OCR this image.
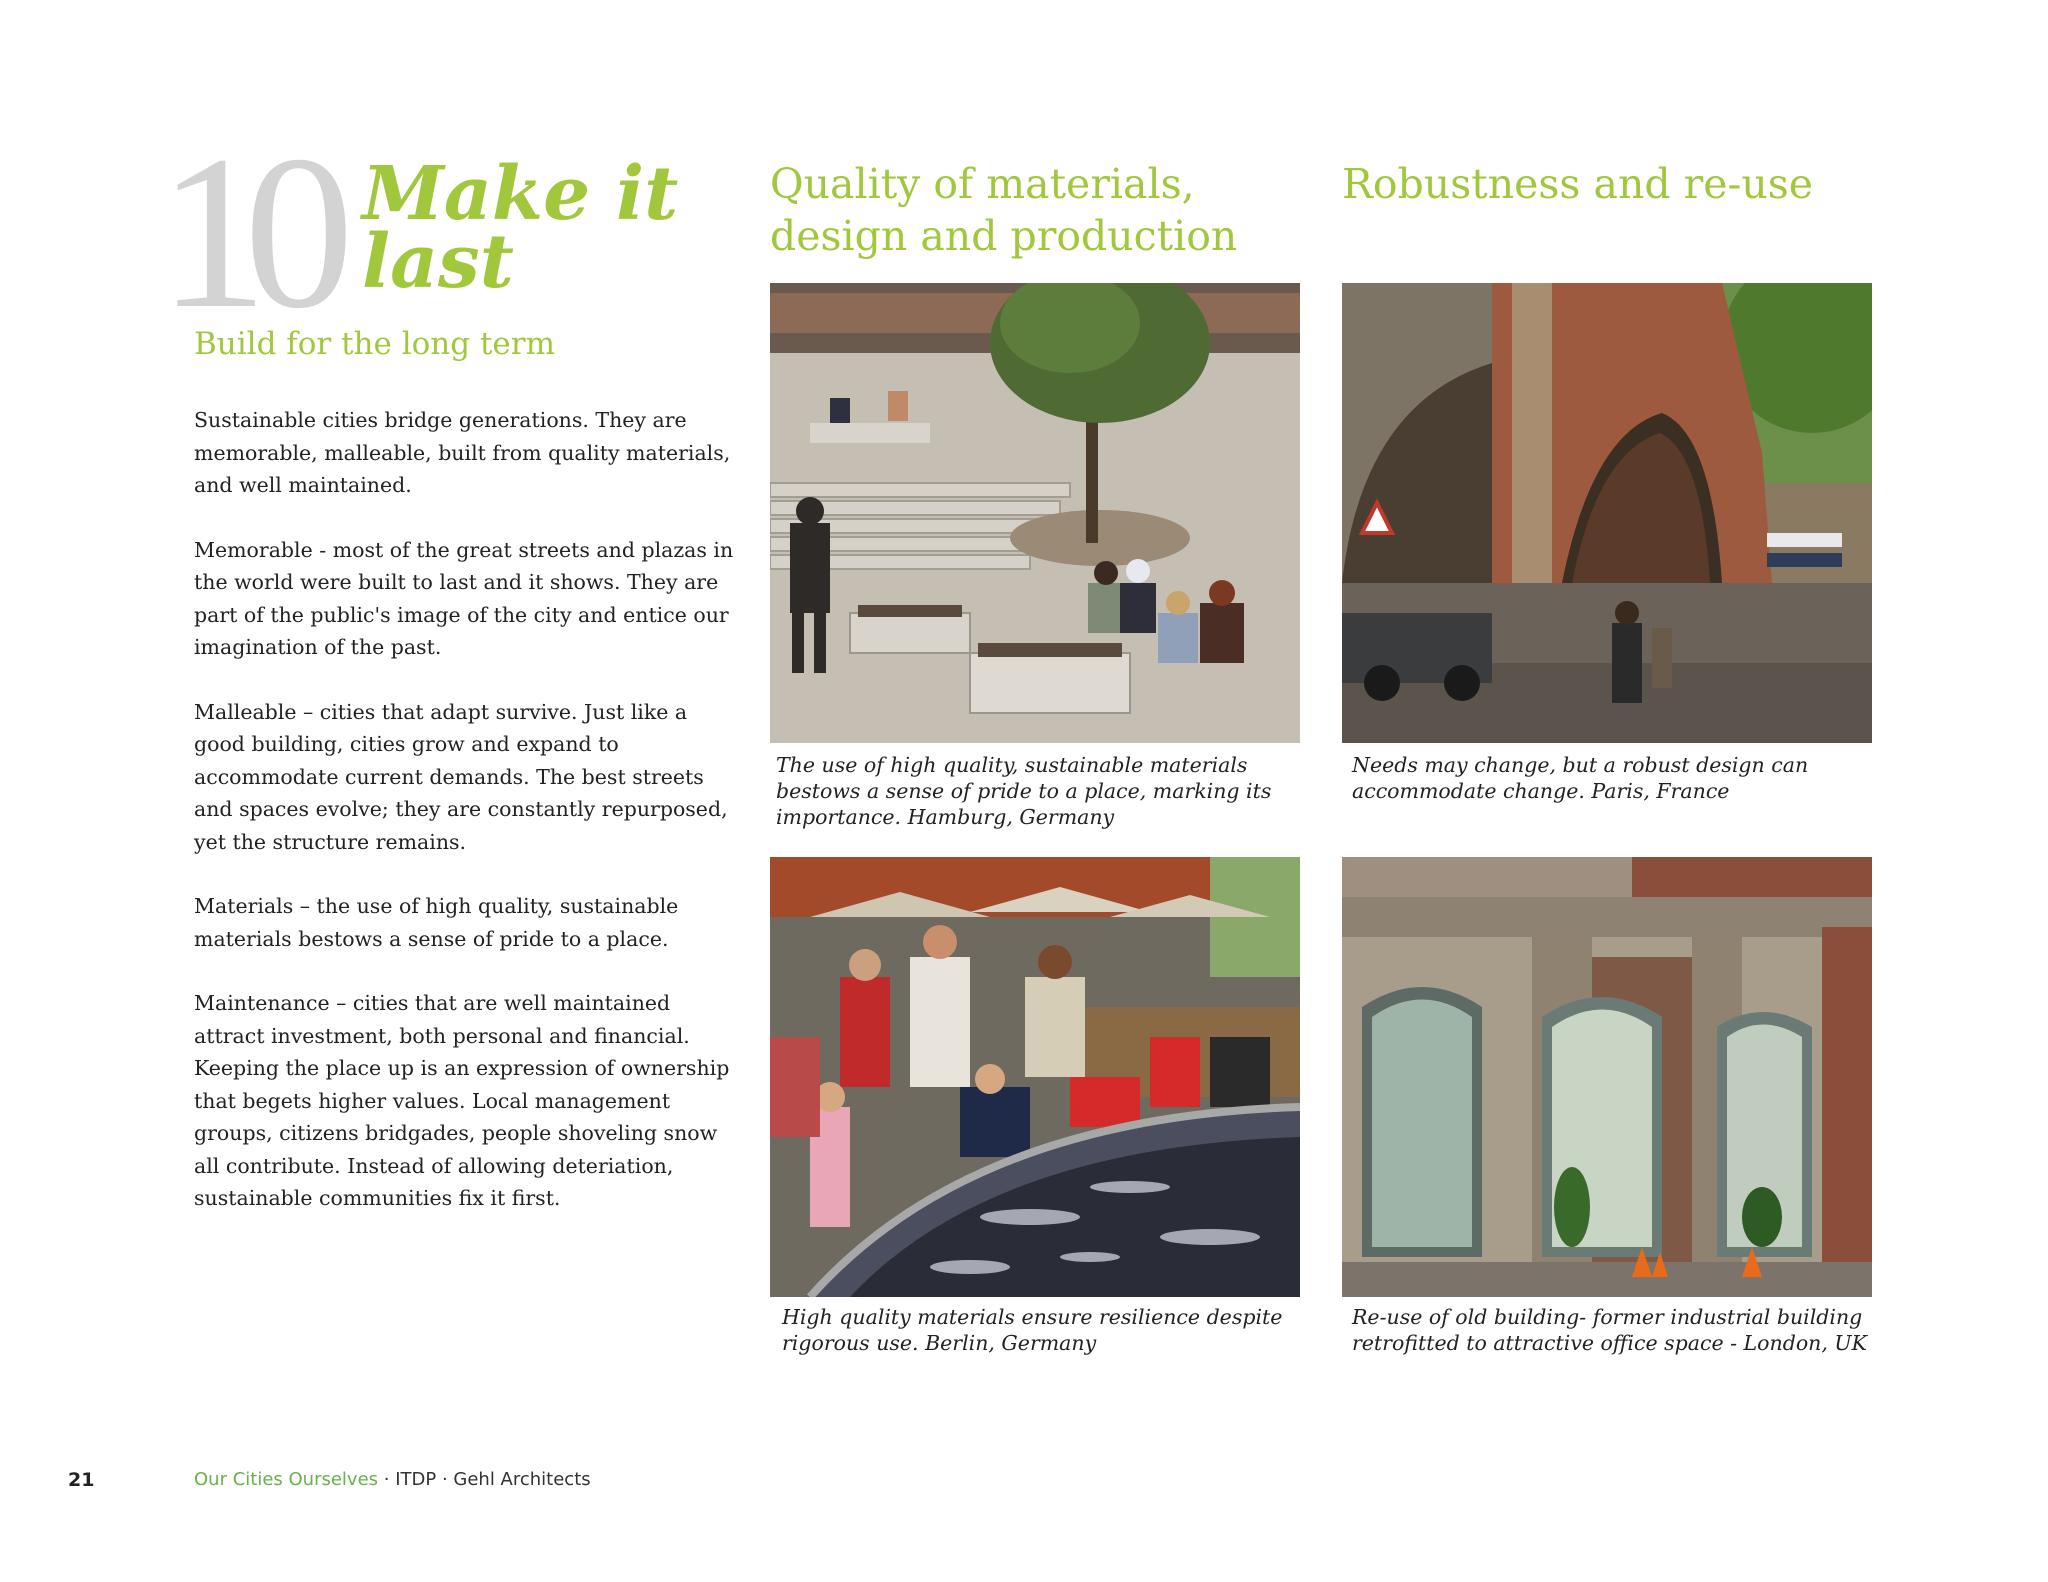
10 Make it last
Build for the long term

Sustainable cities bridge generations. They are memorable, malleable, built from quality materials, and well maintained.

Memorable - most of the great streets and plazas in the world were built to last and it shows. They are part of the public's image of the city and entice our imagination of the past.

Malleable – cities that adapt survive. Just like a good building, cities grow and expand to accommodate current demands. The best streets and spaces evolve; they are constantly repurposed, yet the structure remains.

Materials – the use of high quality, sustainable materials bestows a sense of pride to a place.

Maintenance – cities that are well maintained attract investment, both personal and financial. Keeping the place up is an expression of ownership that begets higher values. Local management groups, citizens bridgades, people shoveling snow all contribute. Instead of allowing deteriation, sustainable communities fix it first.

Quality of materials, design and production
Robustness and re-use
The use of high quality, sustainable materials bestows a sense of pride to a place, marking its importance. Hamburg, Germany
Needs may change, but a robust design can accommodate change. Paris, France
High quality materials ensure resilience despite rigorous use. Berlin, Germany
Re-use of old building- former industrial building retrofitted to attractive office space - London, UK
21	Our Cities Ourselves · ITDP · Gehl Architects
